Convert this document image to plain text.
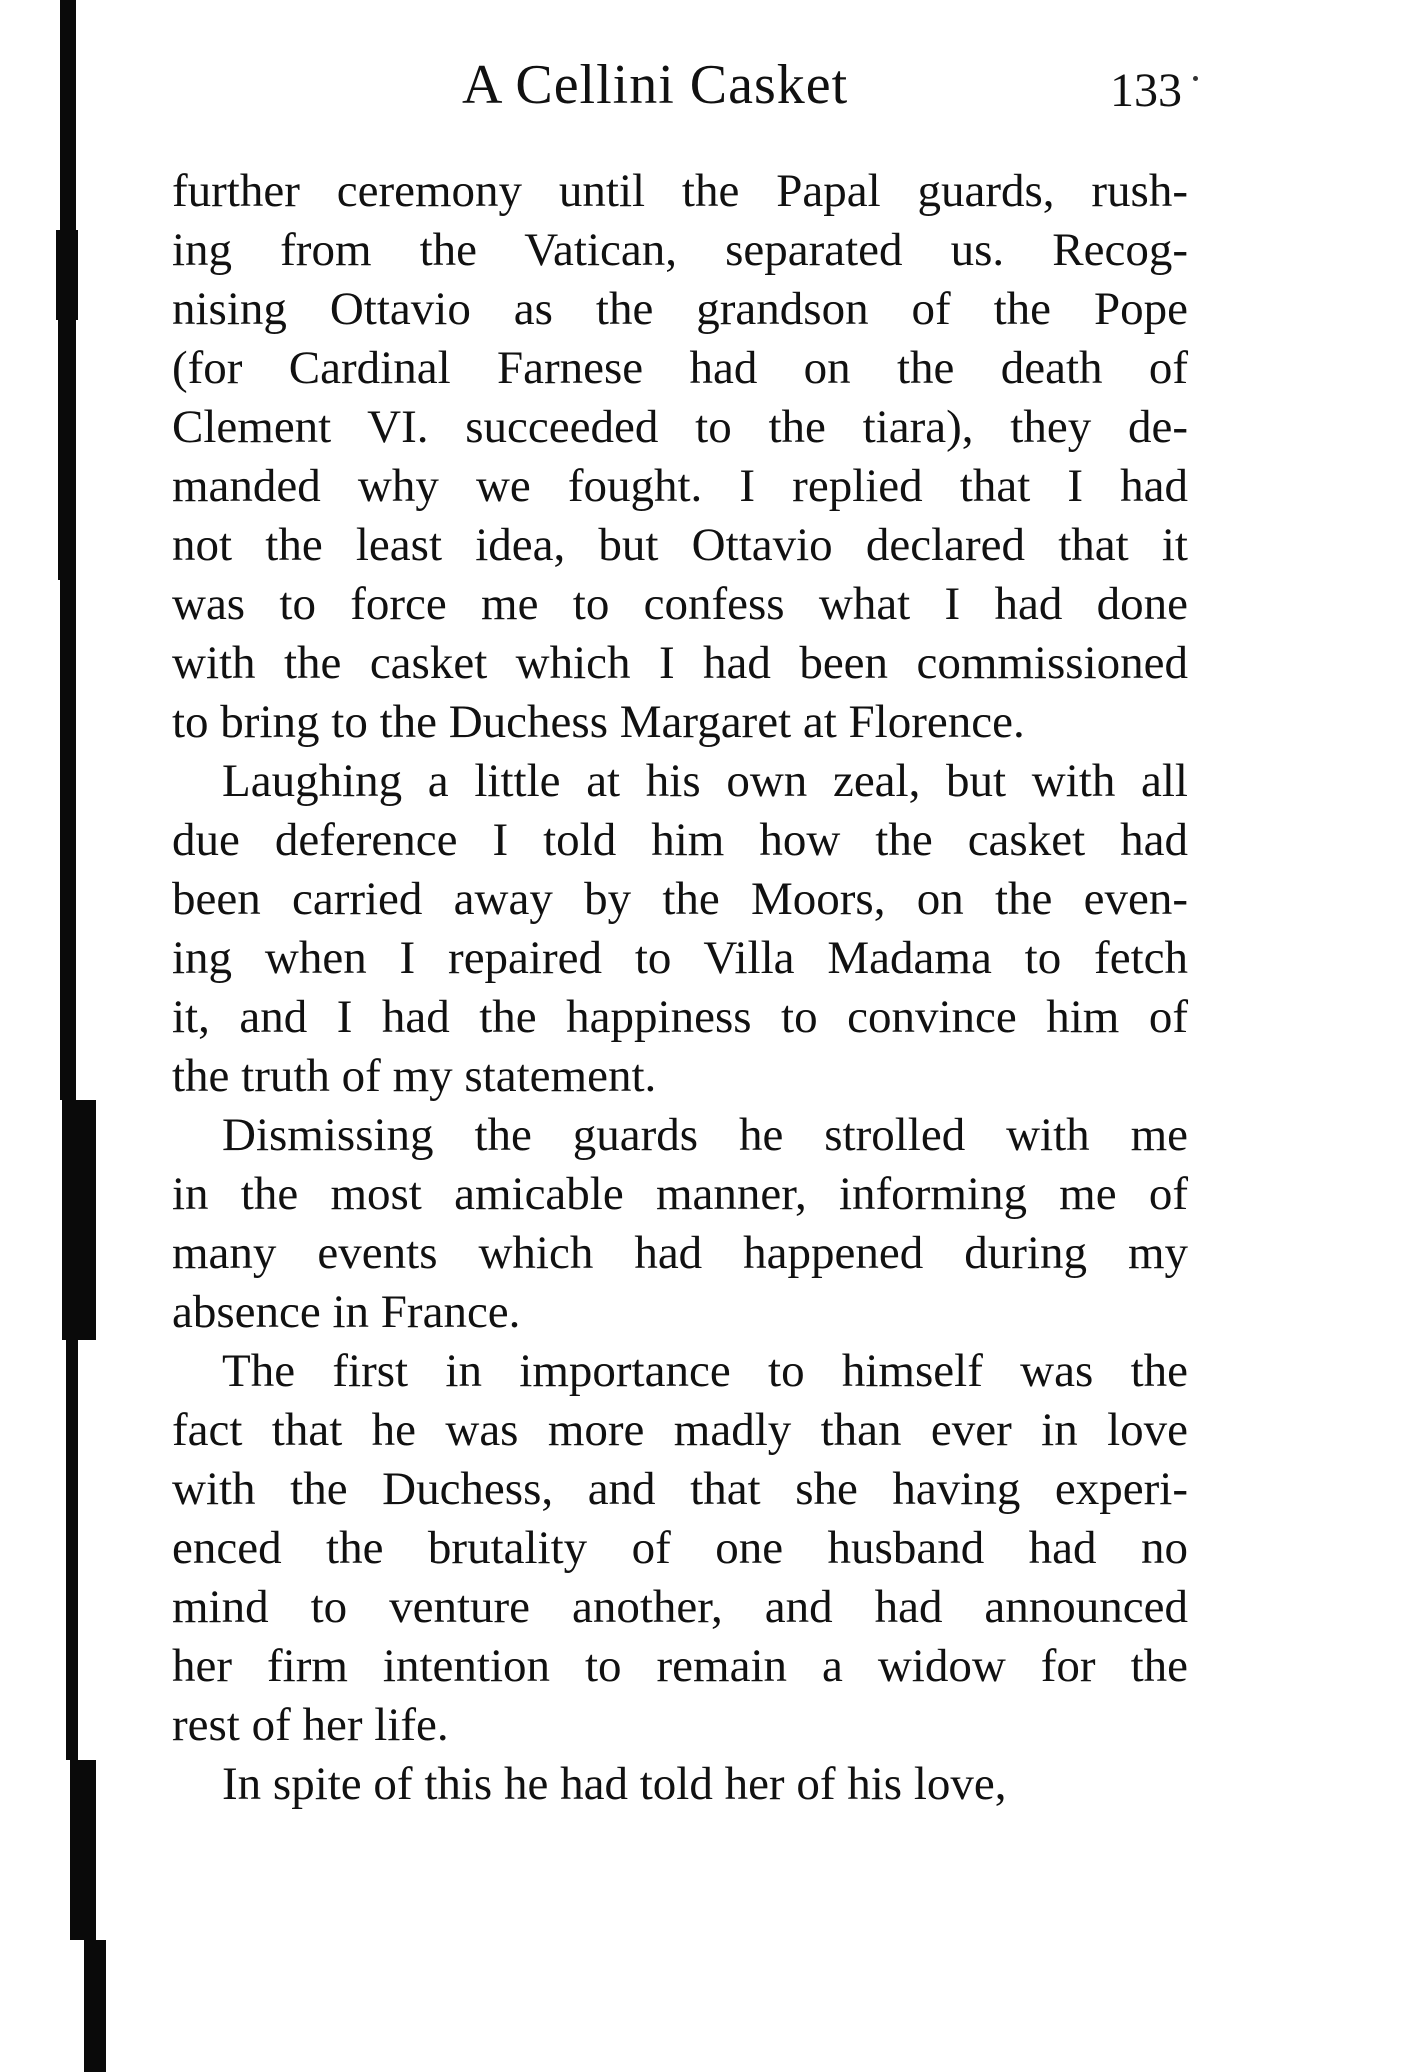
A Cellini Casket	133
further ceremony until the Papal guards, rush-
ing from the Vatican, separated us. Recog-
nising Ottavio as the grandson of the Pope
(for Cardinal Farnese had on the death of
Clement VI. succeeded to the tiara), they de-
manded why we fought. I replied that I had
not the least idea, but Ottavio declared that it
was to force me to confess what I had done
with the casket which I had been commissioned
to bring to the Duchess Margaret at Florence.
Laughing a little at his own zeal, but with all
due deference I told him how the casket had
been carried away by the Moors, on the even-
ing when I repaired to Villa Madama to fetch
it, and I had the happiness to convince him of
the truth of my statement.
Dismissing the guards he strolled with me
in the most amicable manner, informing me of
many events which had happened during my
absence in France.
The first in importance to himself was the
fact that he was more madly than ever in love
with the Duchess, and that she having experi-
enced the brutality of one husband had no
mind to venture another, and had announced
her firm intention to remain a widow for the
rest of her life.
In spite of this he had told her of his love,
